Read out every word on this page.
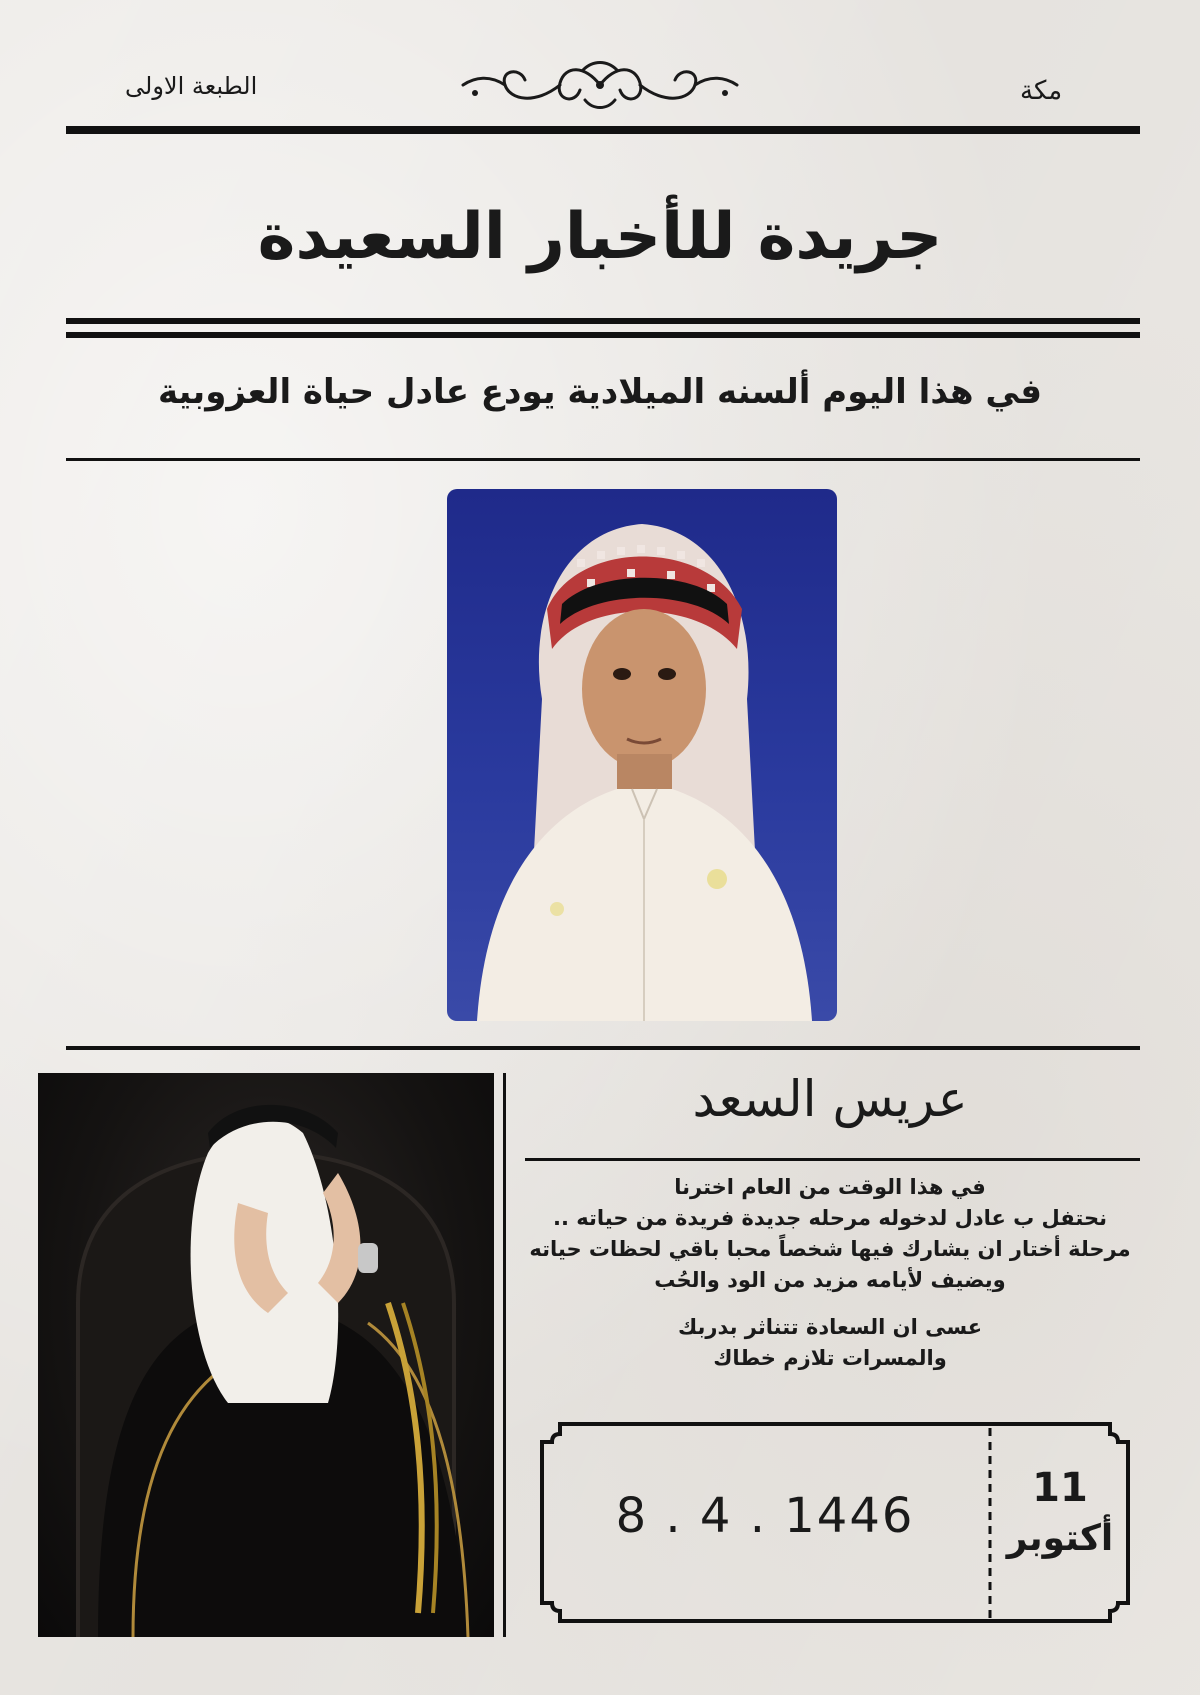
الطبعة الاولى	مكة
جريدة للأخبار السعيدة
في هذا اليوم ألسنه الميلادية يودع عادل حياة العزوبية
عريس السعد
في هذا الوقت من العام اخترنا
نحتفل ب عادل لدخوله مرحله جديدة فريدة من حياته ..
مرحلة أختار ان يشارك فيها شخصاً محبا باقي لحظات حياته
ويضيف لأيامه مزيد من الود والحُب
عسى ان السعادة تتناثر بدربك
والمسرات تلازم خطاك
8 . 4 . 1446	11
أكتوبر
